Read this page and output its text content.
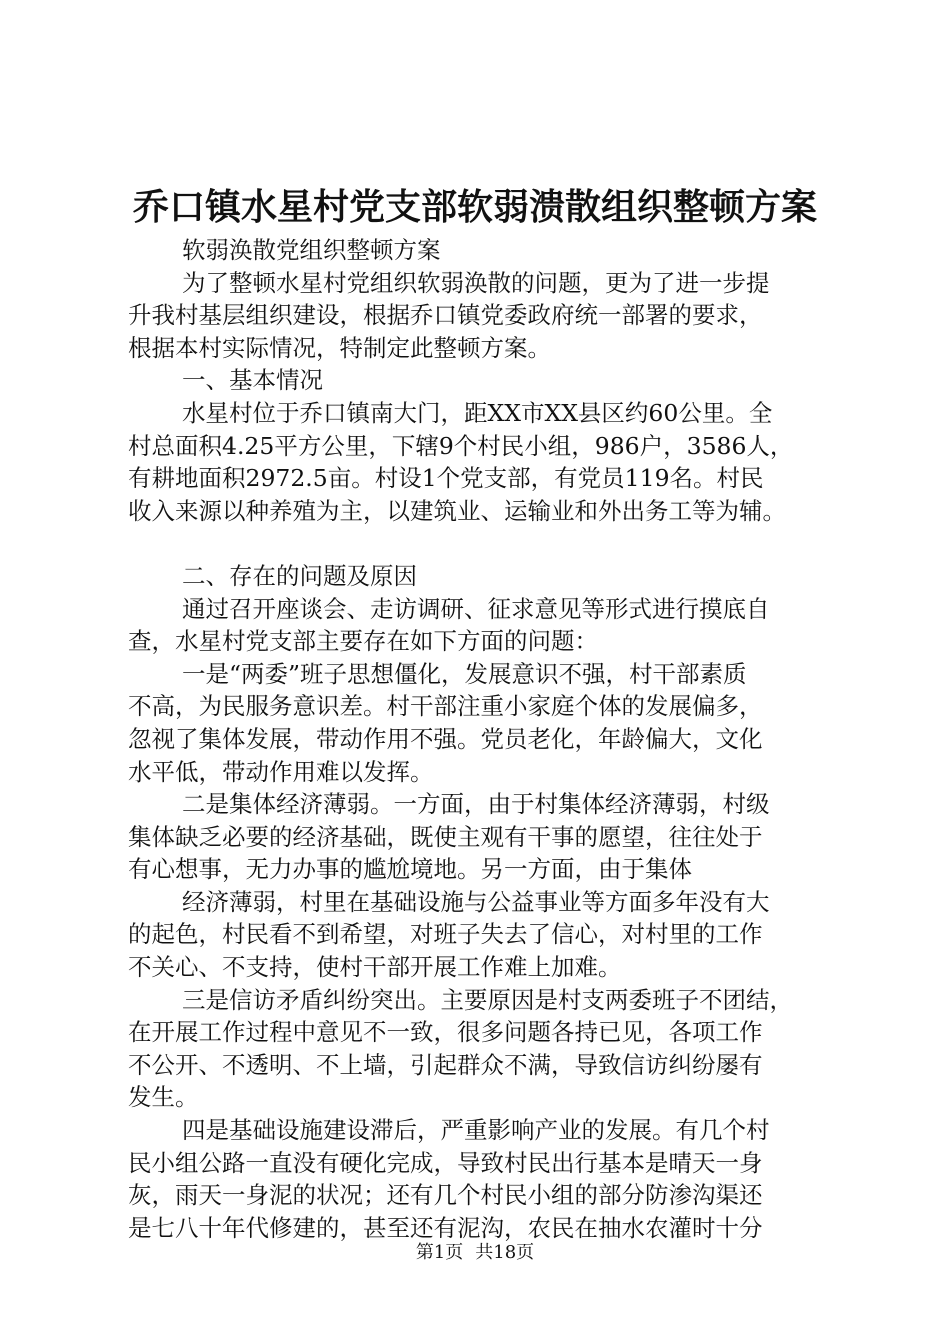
乔口镇水星村党支部软弱溃散组织整顿方案
软弱涣散党组织整顿方案
为了整顿水星村党组织软弱涣散的问题，更为了进一步提
升我村基层组织建设，根据乔口镇党委政府统一部署的要求，
根据本村实际情况，特制定此整顿方案。
一、基本情况
水星村位于乔口镇南大门，距XX市XX县区约60公里。全
村总面积4.25平方公里，下辖9个村民小组，986户，3586人，
有耕地面积2972.5亩。村设1个党支部，有党员119名。村民
收入来源以种养殖为主，以建筑业、运输业和外出务工等为辅。
二、存在的问题及原因
通过召开座谈会、走访调研、征求意见等形式进行摸底自
查，水星村党支部主要存在如下方面的问题：
一是“两委”班子思想僵化，发展意识不强，村干部素质
不高，为民服务意识差。村干部注重小家庭个体的发展偏多，
忽视了集体发展，带动作用不强。党员老化，年龄偏大，文化
水平低，带动作用难以发挥。
二是集体经济薄弱。一方面，由于村集体经济薄弱，村级
集体缺乏必要的经济基础，既使主观有干事的愿望，往往处于
有心想事，无力办事的尴尬境地。另一方面，由于集体
经济薄弱，村里在基础设施与公益事业等方面多年没有大
的起色，村民看不到希望，对班子失去了信心，对村里的工作
不关心、不支持，使村干部开展工作难上加难。
三是信访矛盾纠纷突出。主要原因是村支两委班子不团结，
在开展工作过程中意见不一致，很多问题各持已见，各项工作
不公开、不透明、不上墙，引起群众不满，导致信访纠纷屡有
发生。
四是基础设施建设滞后，严重影响产业的发展。有几个村
民小组公路一直没有硬化完成，导致村民出行基本是晴天一身
灰，雨天一身泥的状况；还有几个村民小组的部分防渗沟渠还
是七八十年代修建的，甚至还有泥沟，农民在抽水农灌时十分
第1页 共18页
